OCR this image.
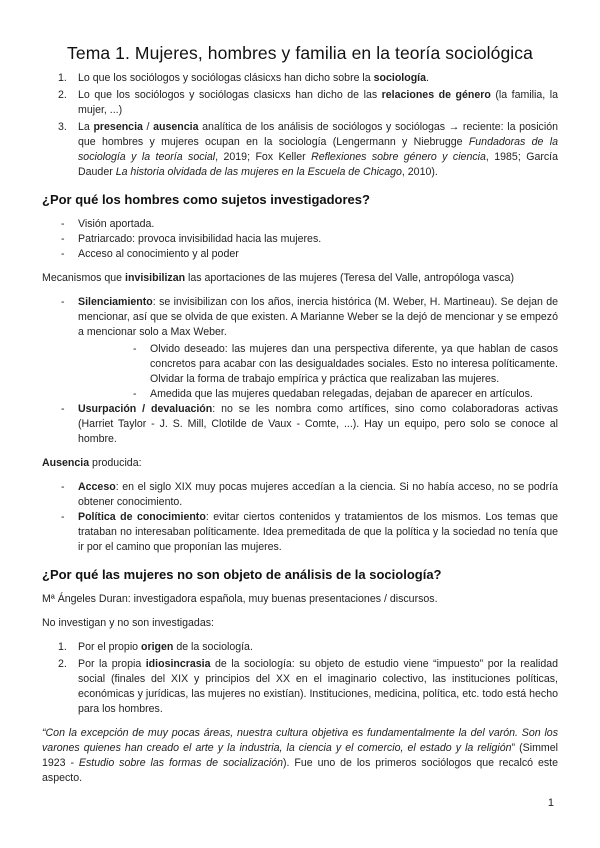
Tema 1. Mujeres, hombres y familia en la teoría sociológica
1. Lo que los sociólogos y sociólogas clásicxs han dicho sobre la sociología.
2. Lo que los sociólogos y sociólogas clasicxs han dicho de las relaciones de género (la familia, la mujer, ...)
3. La presencia / ausencia analítica de los análisis de sociólogos y sociólogas → reciente: la posición que hombres y mujeres ocupan en la sociología (Lengermann y Niebrugge Fundadoras de la sociología y la teoría social, 2019; Fox Keller Reflexiones sobre género y ciencia, 1985; García Dauder La historia olvidada de las mujeres en la Escuela de Chicago, 2010).
¿Por qué los hombres como sujetos investigadores?
- Visión aportada.
- Patriarcado: provoca invisibilidad hacia las mujeres.
- Acceso al conocimiento y al poder

Mecanismos que invisibilizan las aportaciones de las mujeres (Teresa del Valle, antropóloga vasca)

- Silenciamiento: se invisibilizan con los años, inercia histórica (M. Weber, H. Martineau). Se dejan de mencionar, así que se olvida de que existen. A Marianne Weber se la dejó de mencionar y se empezó a mencionar solo a Max Weber.
- Olvido deseado: las mujeres dan una perspectiva diferente, ya que hablan de casos concretos para acabar con las desigualdades sociales. Esto no interesa políticamente. Olvidar la forma de trabajo empírica y práctica que realizaban las mujeres.
- Amedida que las mujeres quedaban relegadas, dejaban de aparecer en artículos.
- Usurpación / devaluación: no se les nombra como artífices, sino como colaboradoras activas (Harriet Taylor - J. S. Mill, Clotilde de Vaux - Comte, ...). Hay un equipo, pero solo se conoce al hombre.

Ausencia producida:

- Acceso: en el siglo XIX muy pocas mujeres accedían a la ciencia. Si no había acceso, no se podría obtener conocimiento.
- Política de conocimiento: evitar ciertos contenidos y tratamientos de los mismos. Los temas que trataban no interesaban políticamente. Idea premeditada de que la política y la sociedad no tenía que ir por el camino que proponían las mujeres.
¿Por qué las mujeres no son objeto de análisis de la sociología?

Mª Ángeles Duran: investigadora española, muy buenas presentaciones / discursos.

No investigan y no son investigadas:

1. Por el propio origen de la sociología.
2. Por la propia idiosincrasia de la sociología: su objeto de estudio viene “impuesto” por la realidad social (finales del XIX y principios del XX en el imaginario colectivo, las instituciones políticas, económicas y jurídicas, las mujeres no existían). Instituciones, medicina, política, etc. todo está hecho para los hombres.

“Con la excepción de muy pocas áreas, nuestra cultura objetiva es fundamentalmente la del varón. Son los varones quienes han creado el arte y la industria, la ciencia y el comercio, el estado y la religión” (Simmel 1923 - Estudio sobre las formas de socialización). Fue uno de los primeros sociólogos que recalcó este aspecto.

1
